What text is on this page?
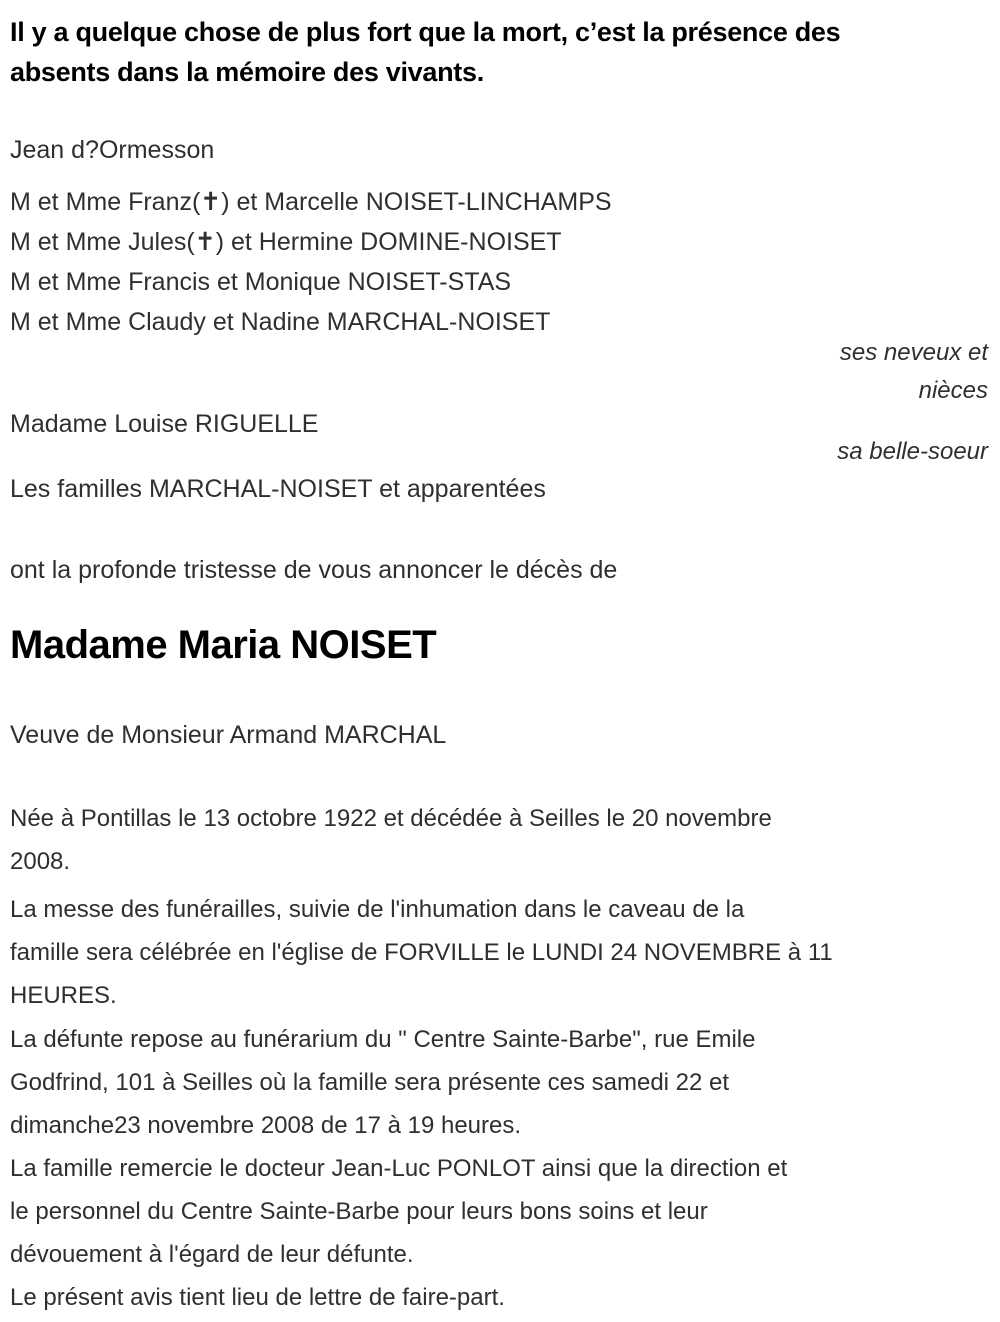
Il y a quelque chose de plus fort que la mort, c’est la présence des
absents dans la mémoire des vivants.
Jean d?Ormesson
M et Mme Franz(✝) et Marcelle NOISET-LINCHAMPS
M et Mme Jules(✝) et Hermine DOMINE-NOISET
M et Mme Francis et Monique NOISET-STAS
M et Mme Claudy et Nadine MARCHAL-NOISET
ses neveux et
nièces
Madame Louise RIGUELLE
sa belle-soeur
Les familles MARCHAL-NOISET et apparentées
ont la profonde tristesse de vous annoncer le décès de
Madame Maria NOISET
Veuve de Monsieur Armand MARCHAL
Née à Pontillas le 13 octobre 1922 et décédée à Seilles le 20 novembre
2008.
La messe des funérailles, suivie de l'inhumation dans le caveau de la
famille sera célébrée en l'église de FORVILLE le LUNDI 24 NOVEMBRE à 11
HEURES.
La défunte repose au funérarium du " Centre Sainte-Barbe", rue Emile
Godfrind, 101 à Seilles où la famille sera présente ces samedi 22 et
dimanche23 novembre 2008 de 17 à 19 heures.
La famille remercie le docteur Jean-Luc PONLOT ainsi que la direction et
le personnel du Centre Sainte-Barbe pour leurs bons soins et leur
dévouement à l'égard de leur défunte.
Le présent avis tient lieu de lettre de faire-part.
